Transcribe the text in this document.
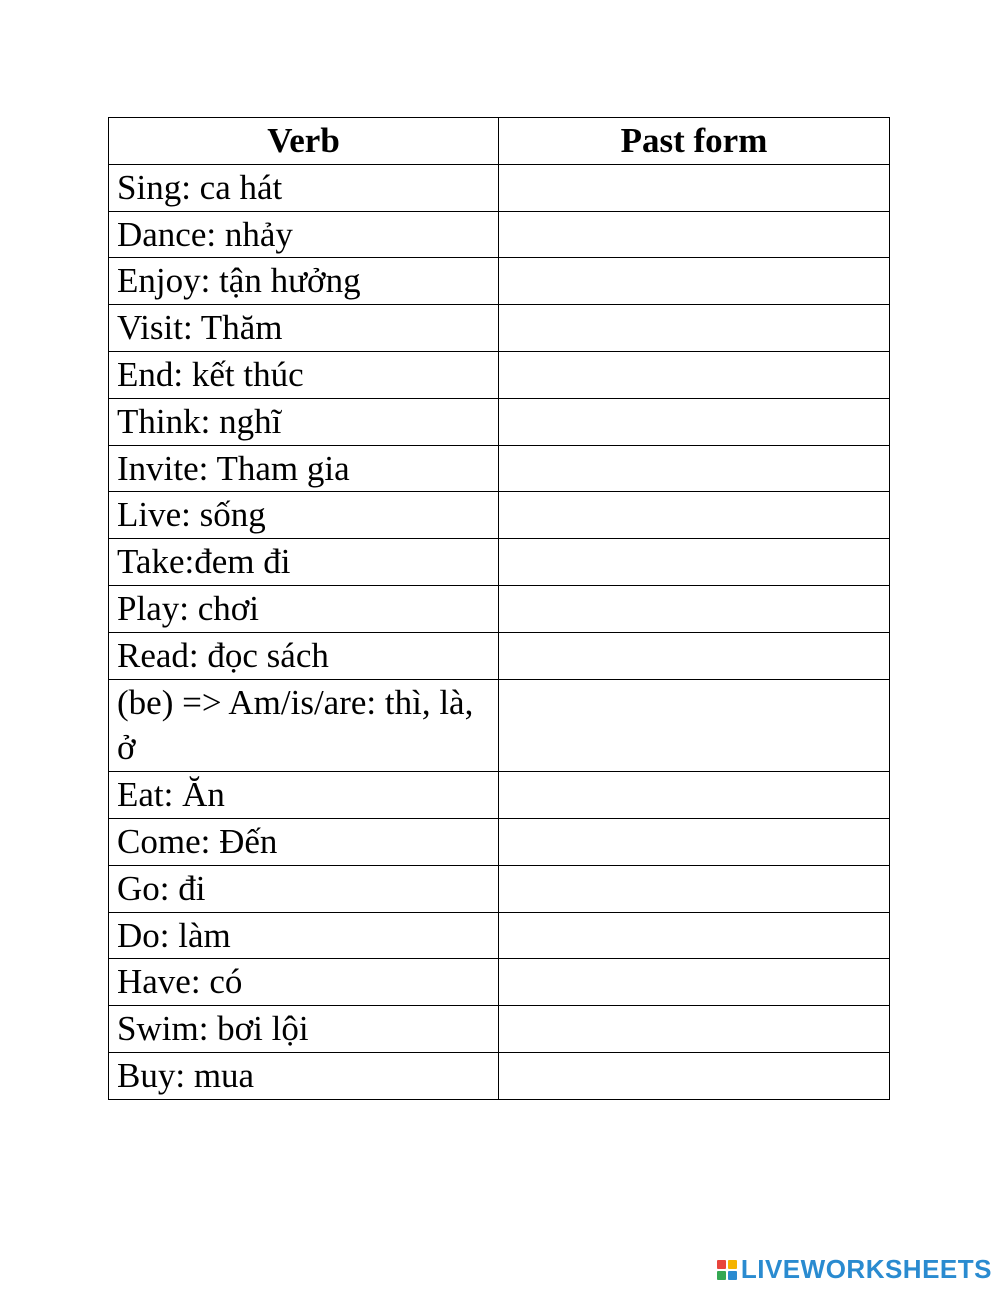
Verb	Past form
Sing: ca hát	

Dance: nhảy	

Enjoy: tận hưởng	

Visit: Thăm	

End: kết thúc	

Think: nghĩ	

Invite: Tham gia	

Live: sống	

Take:đem đi	

Play: chơi	

Read: đọc sách	

(be) => Am/is/are: thì, là, ở	

Eat: Ăn	

Come: Đến	

Go: đi	

Do: làm	

Have: có	

Swim: bơi lội	

Buy: mua	
LIVEWORKSHEETS
